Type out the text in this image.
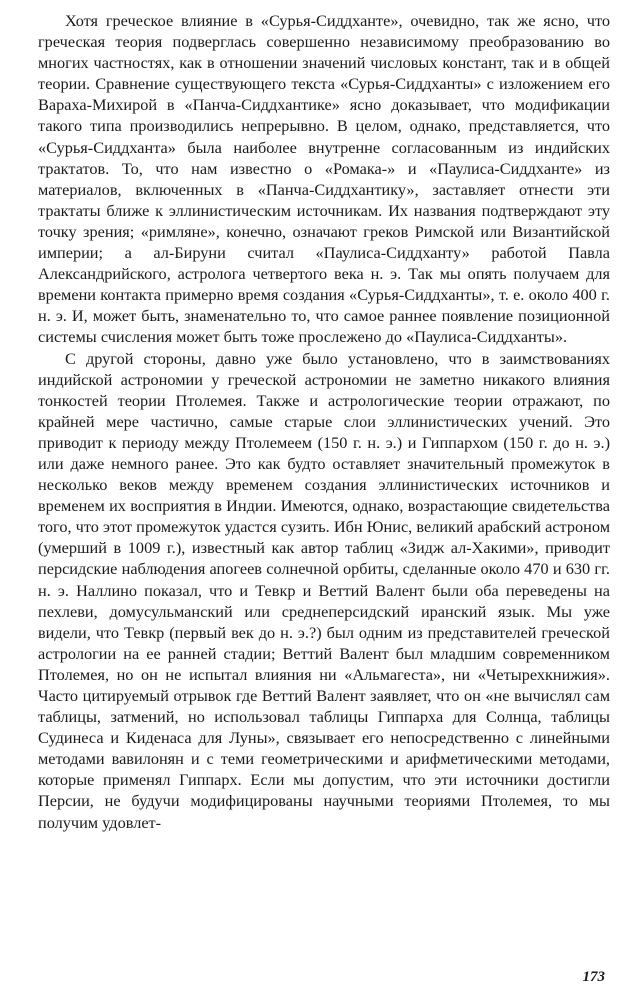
Хотя греческое влияние в «Сурья-Сиддханте», очевидно, так же ясно, что греческая теория подверглась совершенно независимому преобразованию во многих частностях, как в отношении значений числовых констант, так и в общей теории. Сравнение существующего текста «Сурья-Сиддханты» с изложением его Вараха-Михирой в «Панча-Сиддхантике» ясно доказывает, что модификации такого типа производились непрерывно. В целом, однако, представляется, что «Сурья-Сиддханта» была наиболее внутренне согласованным из индийских трактатов. То, что нам известно о «Ромака-» и «Паулиса-Сиддханте» из материалов, включенных в «Панча-Сиддхантику», заставляет отнести эти трактаты ближе к эллинистическим источникам. Их названия подтверждают эту точку зрения; «римляне», конечно, означают греков Римской или Византийской империи; а ал-Бируни считал «Паулиса-Сиддханту» работой Павла Александрийского, астролога четвертого века н. э. Так мы опять получаем для времени контакта примерно время создания «Сурья-Сиддханты», т. е. около 400 г. н. э. И, может быть, знаменательно то, что самое раннее появление позиционной системы счисления может быть тоже прослежено до «Паулиса-Сиддханты».

С другой стороны, давно уже было установлено, что в заимствованиях индийской астрономии у греческой астрономии не заметно никакого влияния тонкостей теории Птолемея. Также и астрологические теории отражают, по крайней мере частично, самые старые слои эллинистических учений. Это приводит к периоду между Птолемеем (150 г. н. э.) и Гиппархом (150 г. до н. э.) или даже немного ранее. Это как будто оставляет значительный промежуток в несколько веков между временем создания эллинистических источников и временем их восприятия в Индии. Имеются, однако, возрастающие свидетельства того, что этот промежуток удастся сузить. Ибн Юнис, великий арабский астроном (умерший в 1009 г.), известный как автор таблиц «Зидж ал-Хакими», приводит персидские наблюдения апогеев солнечной орбиты, сделанные около 470 и 630 гг. н. э. Наллино показал, что и Тевкр и Веттий Валент были оба переведены на пехлеви, домусульманский или среднеперсидский иранский язык. Мы уже видели, что Тевкр (первый век до н. э.?) был одним из представителей греческой астрологии на ее ранней стадии; Веттий Валент был младшим современником Птолемея, но он не испытал влияния ни «Альмагеста», ни «Четырехкнижия». Часто цитируемый отрывок где Веттий Валент заявляет, что он «не вычислял сам таблицы, затмений, но использовал таблицы Гиппарха для Солнца, таблицы Судинеса и Киденаса для Луны», связывает его непосредственно с линейными методами вавилонян и с теми геометрическими и арифметическими методами, которые применял Гиппарх. Если мы допустим, что эти источники достигли Персии, не будучи модифицированы научными теориями Птолемея, то мы получим удовлет-

173
